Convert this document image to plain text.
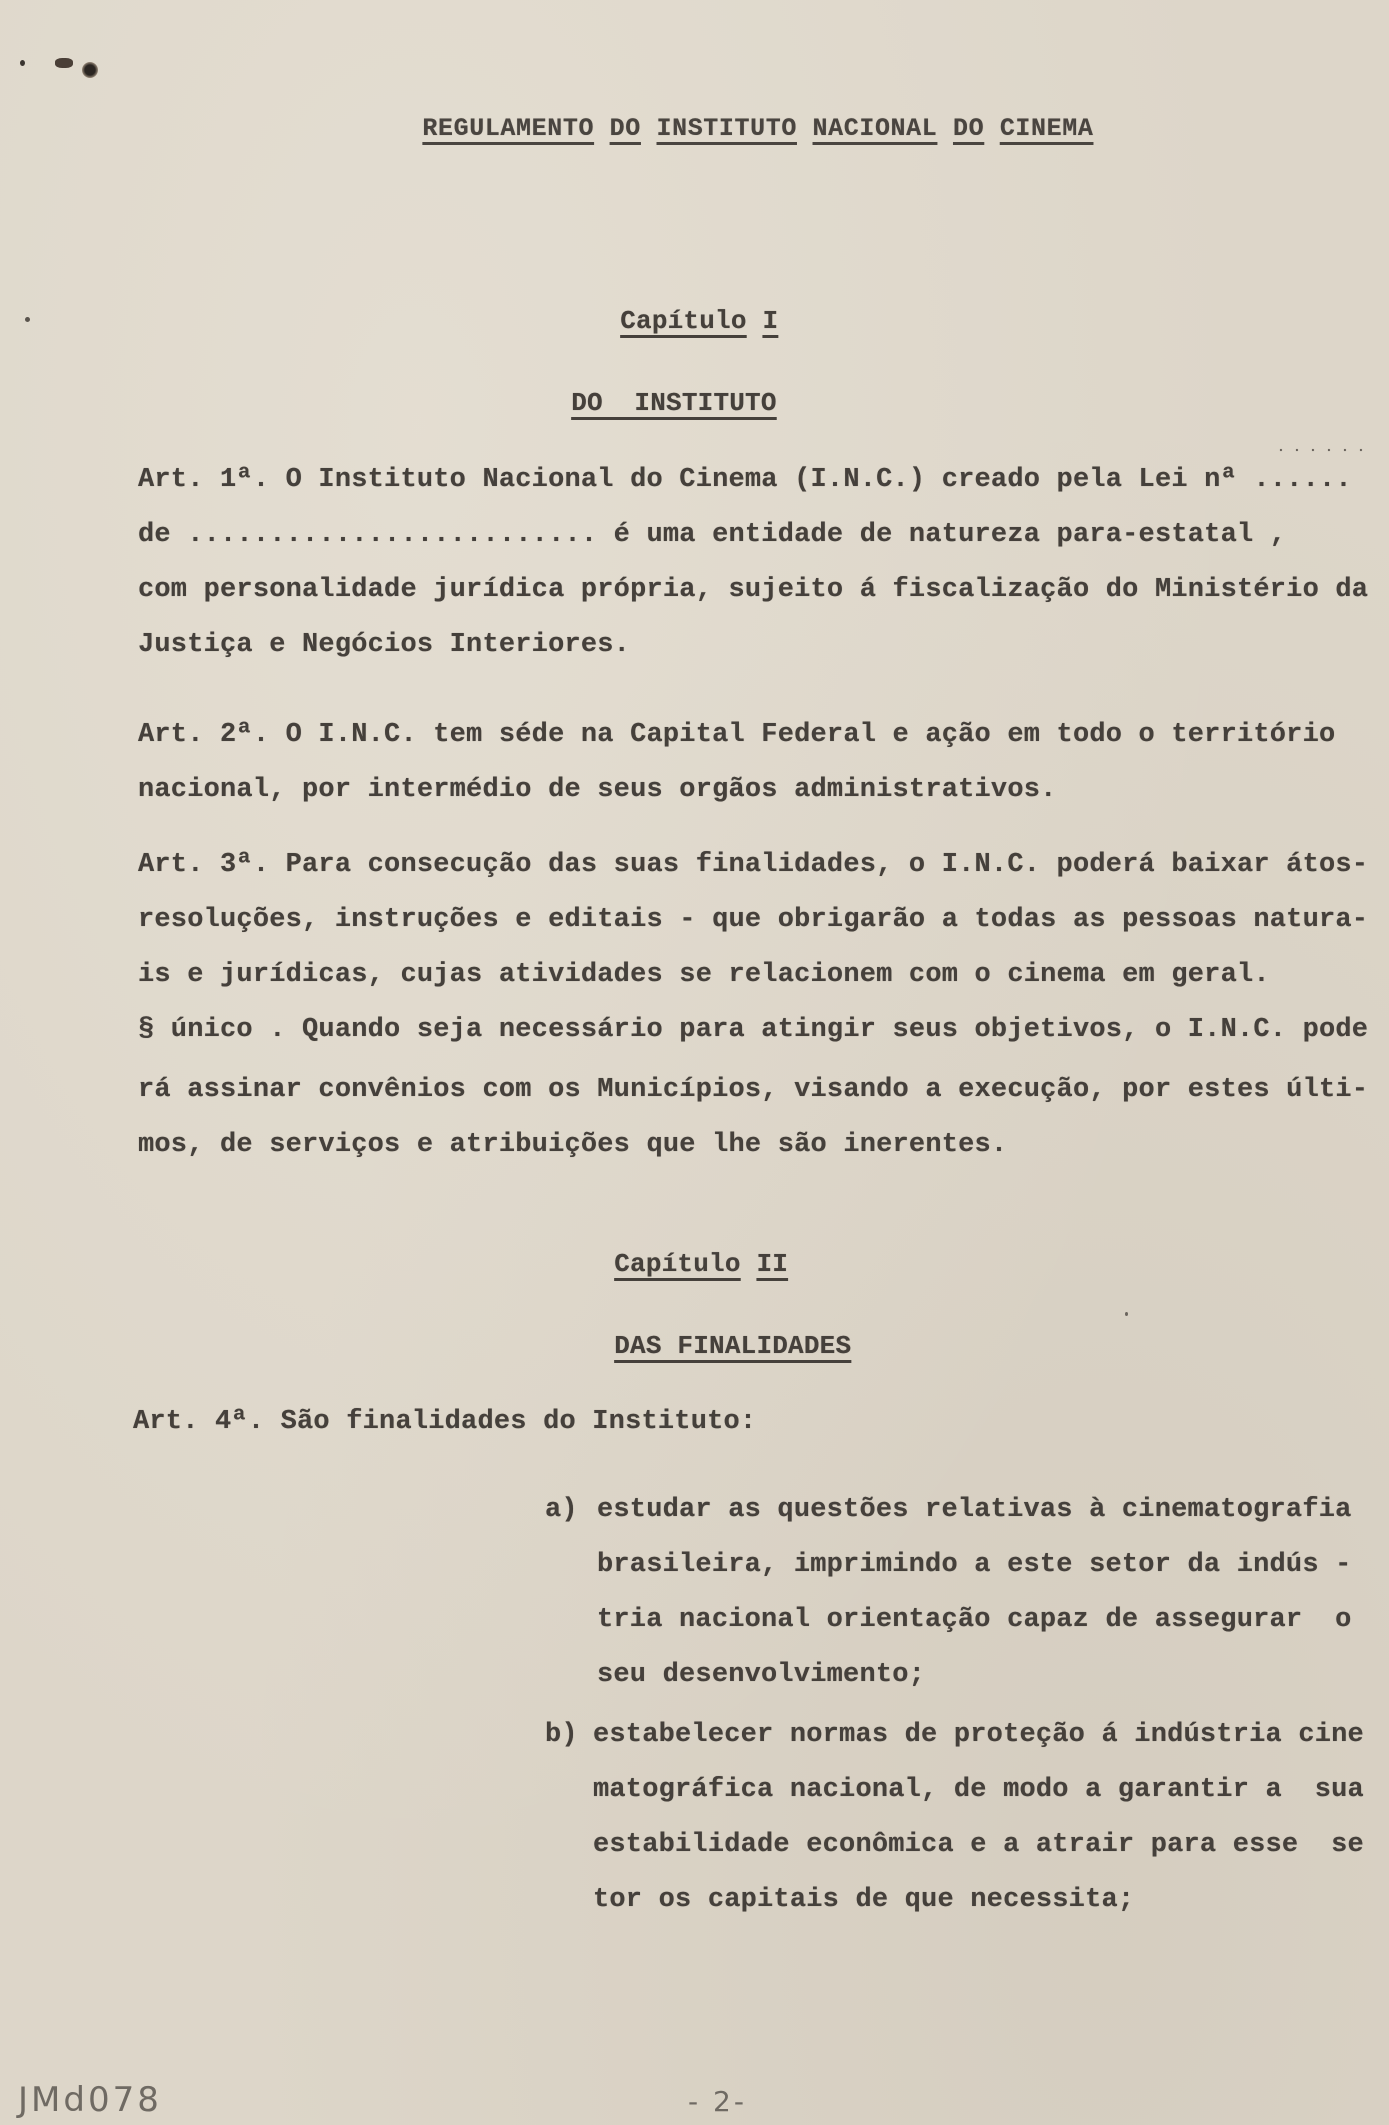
REGULAMENTO DO INSTITUTO NACIONAL DO CINEMA

Capítulo I

DO  INSTITUTO

. . . . . .
Art. 1ª. O Instituto Nacional do Cinema (I.N.C.) creado pela Lei nª ......
de ......................... é uma entidade de natureza para-estatal ,
com personalidade jurídica própria, sujeito á fiscalização do Ministério da
Justiça e Negócios Interiores.
Art. 2ª. O I.N.C. tem séde na Capital Federal e ação em todo o território
nacional, por intermédio de seus orgãos administrativos.
Art. 3ª. Para consecução das suas finalidades, o I.N.C. poderá baixar átos-
resoluções, instruções e editais - que obrigarão a todas as pessoas natura-
is e jurídicas, cujas atividades se relacionem com o cinema em geral.
§ único . Quando seja necessário para atingir seus objetivos, o I.N.C. pode
rá assinar convênios com os Municípios, visando a execução, por estes últi-
mos, de serviços e atribuições que lhe são inerentes.

Capítulo II

DAS FINALIDADES

Art. 4ª. São finalidades do Instituto:
a) estudar as questões relativas à cinematografia
brasileira, imprimindo a este setor da indús -
tria nacional orientação capaz de assegurar  o
seu desenvolvimento;
b) estabelecer normas de proteção á indústria cine
matográfica nacional, de modo a garantir a  sua
estabilidade econômica e a atrair para esse  se
tor os capitais de que necessita;
JMd078	- 2-
